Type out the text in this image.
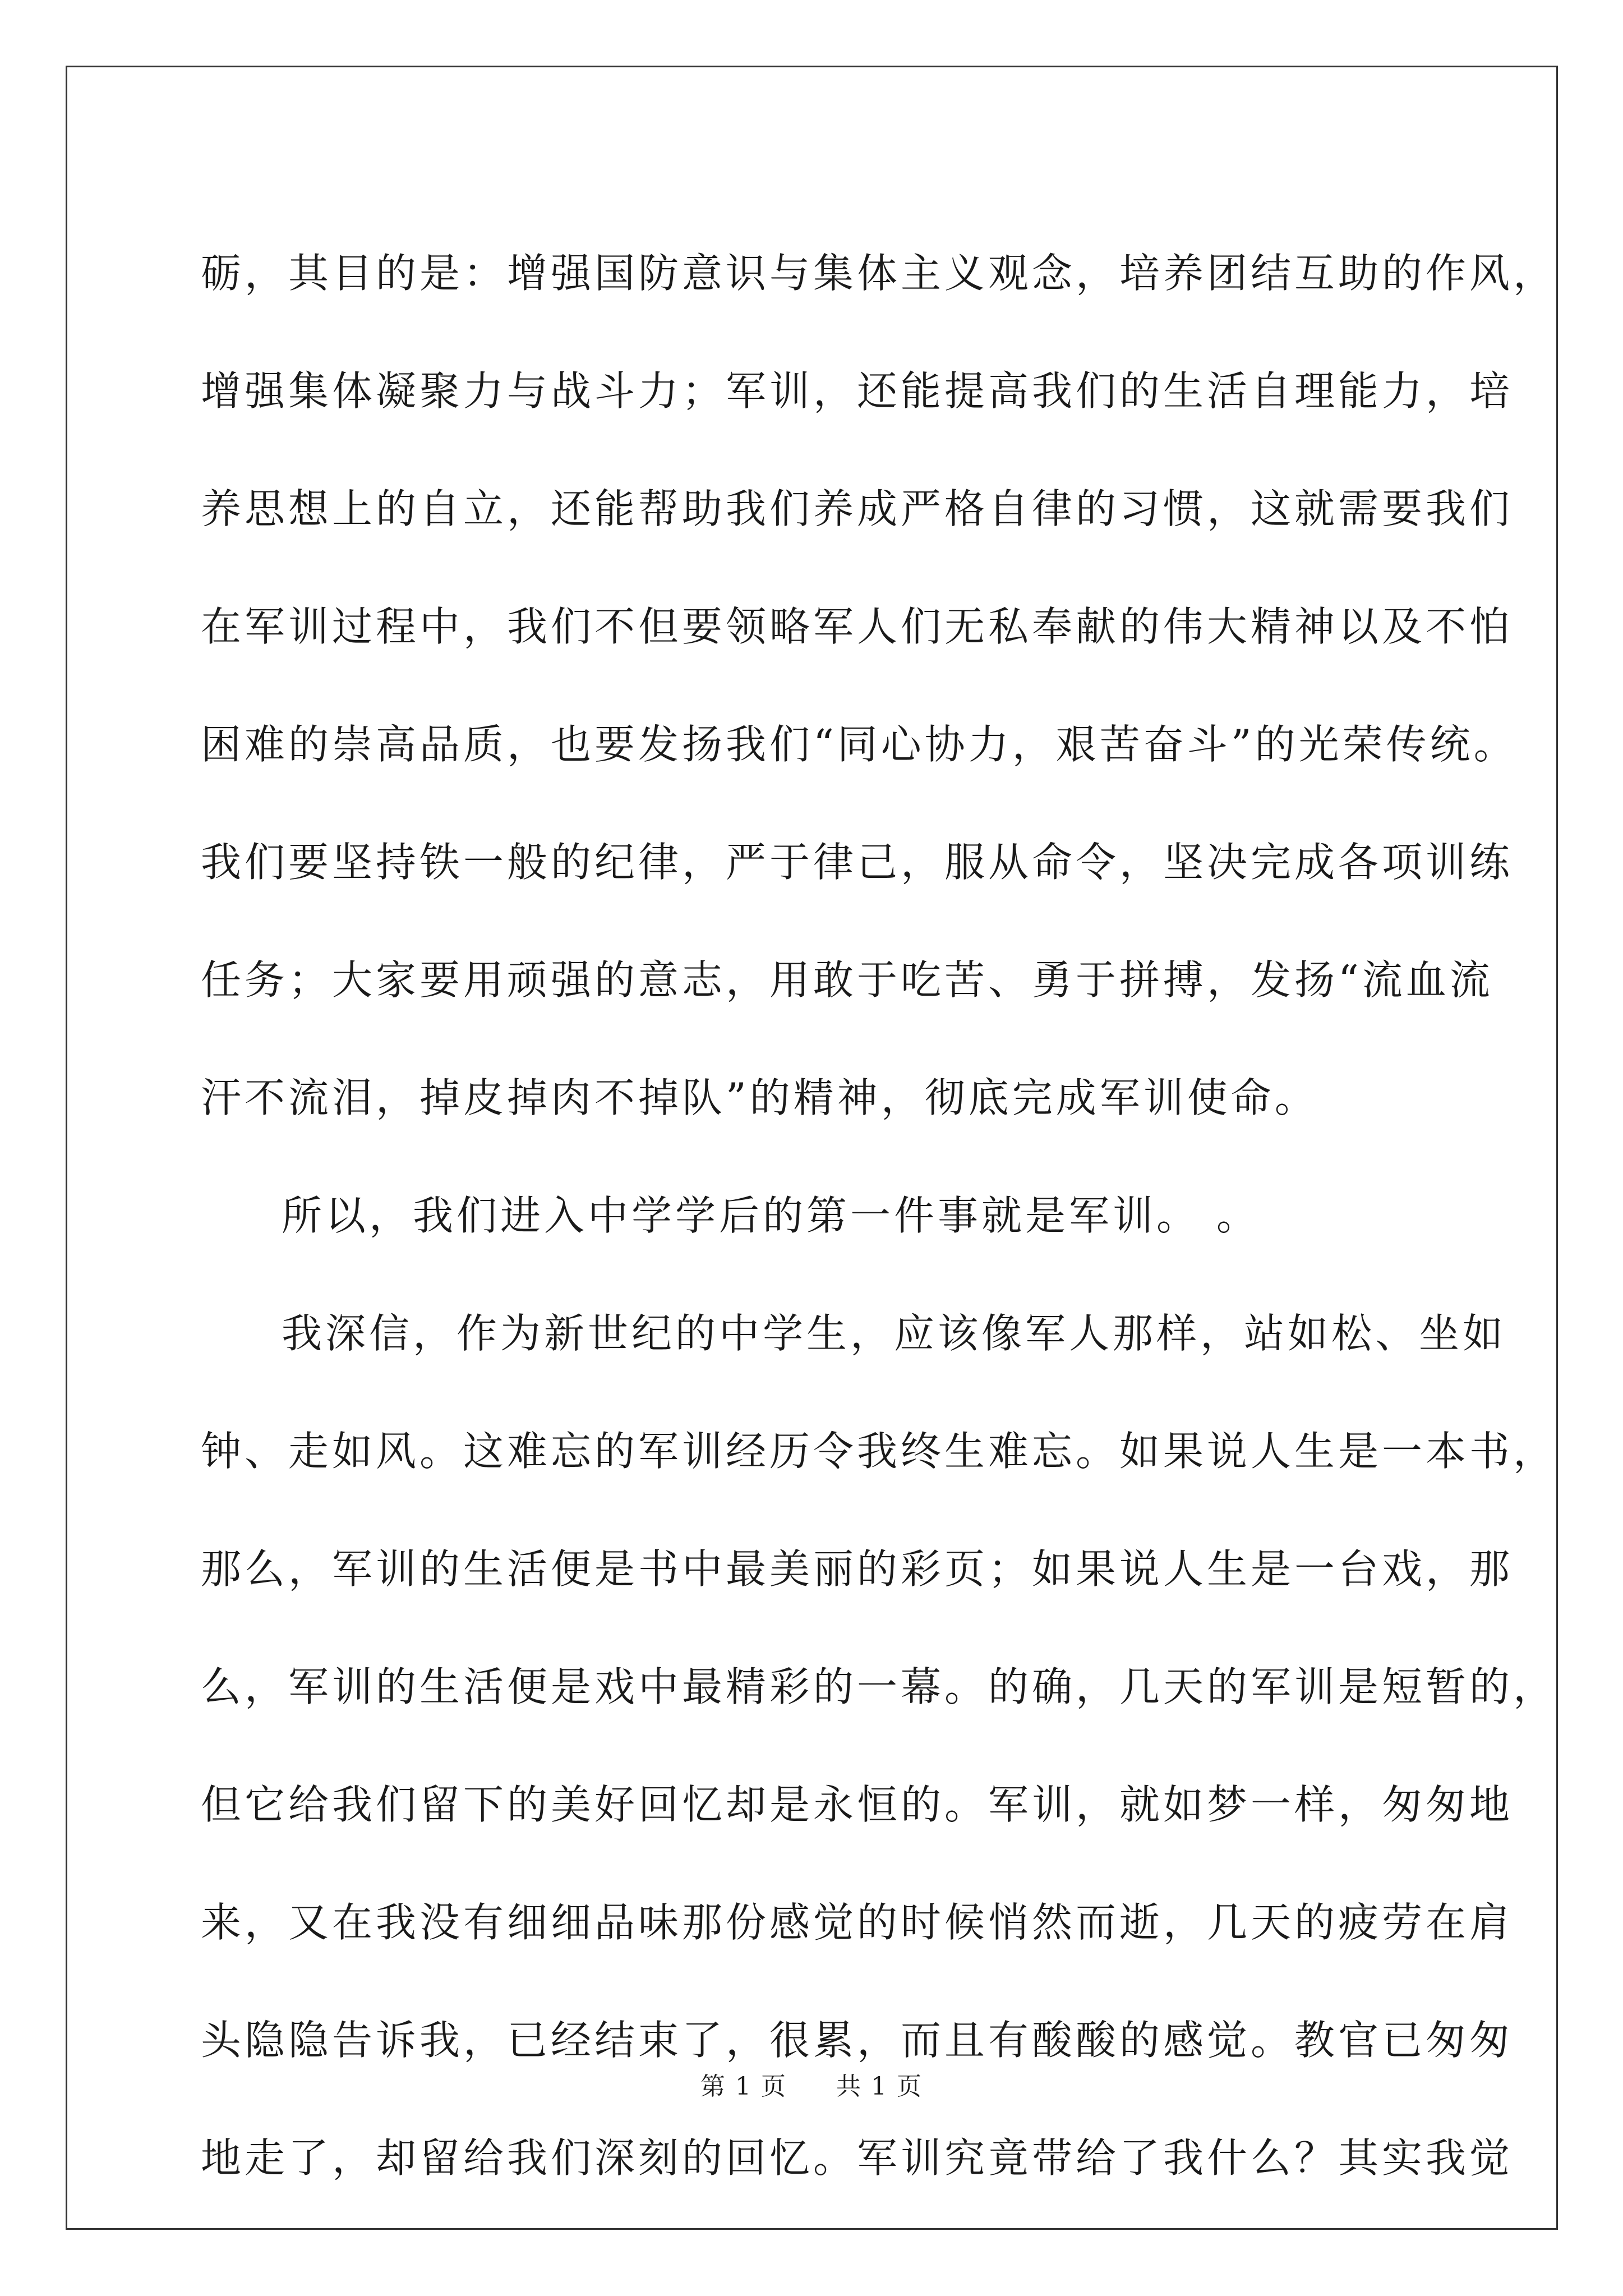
砺，其目的是：增强国防意识与集体主义观念，培养团结互助的作风，
增强集体凝聚力与战斗力；军训，还能提高我们的生活自理能力，培
养思想上的自立，还能帮助我们养成严格自律的习惯，这就需要我们
在军训过程中，我们不但要领略军人们无私奉献的伟大精神以及不怕
困难的崇高品质，也要发扬我们“同心协力，艰苦奋斗”的光荣传统。
我们要坚持铁一般的纪律，严于律己，服从命令，坚决完成各项训练
任务；大家要用顽强的意志，用敢于吃苦、勇于拼搏，发扬“流血流
汗不流泪，掉皮掉肉不掉队”的精神，彻底完成军训使命。
所以，我们进入中学学后的第一件事就是军训。 。
我深信，作为新世纪的中学生，应该像军人那样，站如松、坐如
钟、走如风。这难忘的军训经历令我终生难忘。如果说人生是一本书，
那么，军训的生活便是书中最美丽的彩页；如果说人生是一台戏，那
么，军训的生活便是戏中最精彩的一幕。的确，几天的军训是短暂的，
但它给我们留下的美好回忆却是永恒的。军训，就如梦一样，匆匆地
来，又在我没有细细品味那份感觉的时候悄然而逝，几天的疲劳在肩
头隐隐告诉我，已经结束了，很累，而且有酸酸的感觉。教官已匆匆
地走了，却留给我们深刻的回忆。军训究竟带给了我什么？其实我觉
第 1 页 共 1 页
